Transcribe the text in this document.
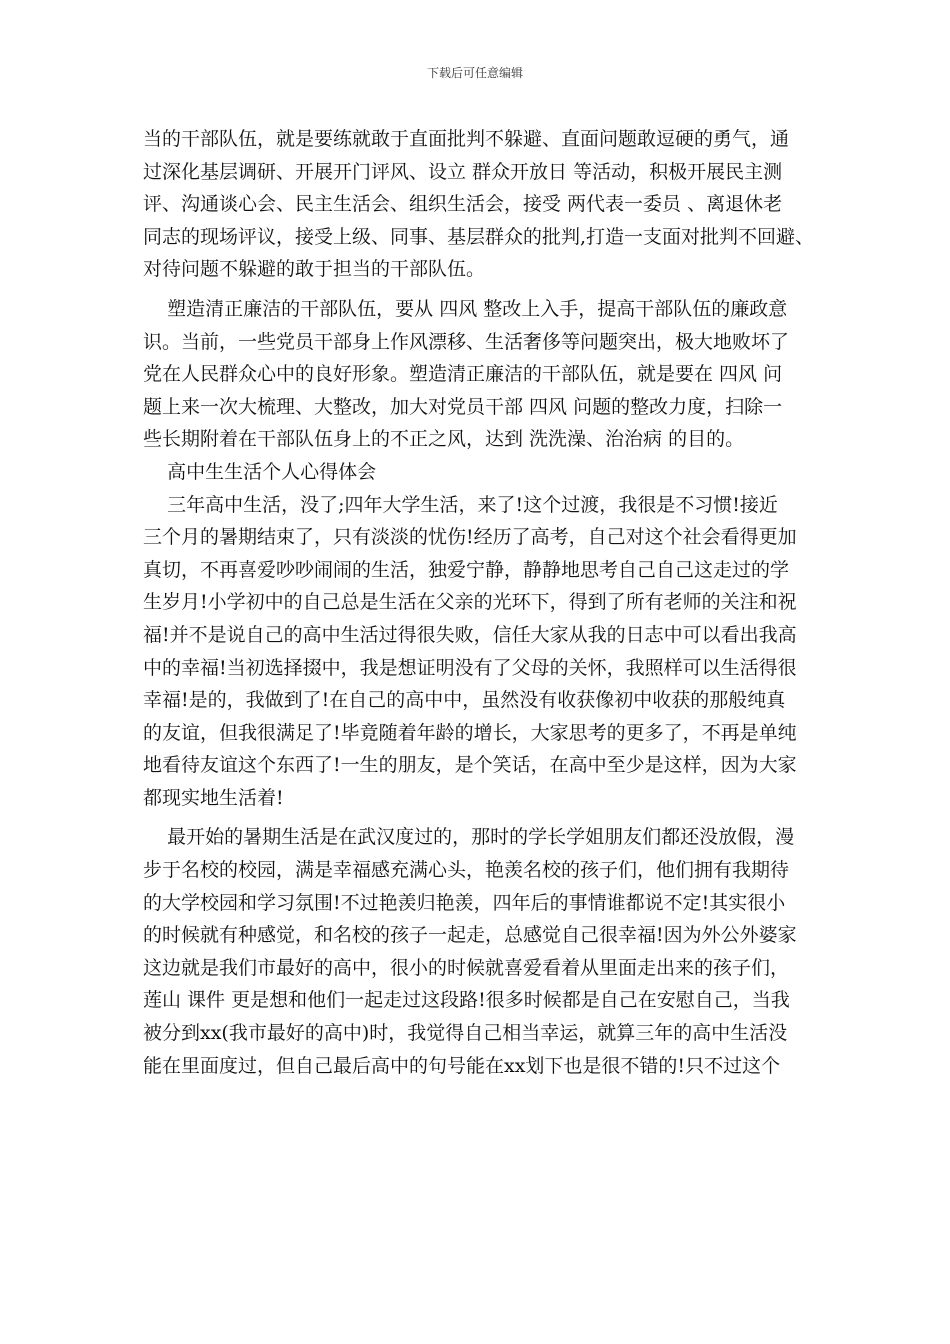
下载后可任意编辑
当的干部队伍，就是要练就敢于直面批判不躲避、直面问题敢逗硬的勇气，通
过深化基层调研、开展开门评风、设立 群众开放日 等活动，积极开展民主测
评、沟通谈心会、民主生活会、组织生活会，接受 两代表一委员 、离退休老
同志的现场评议，接受上级、同事、基层群众的批判,打造一支面对批判不回避、
对待问题不躲避的敢于担当的干部队伍。
塑造清正廉洁的干部队伍，要从 四风 整改上入手，提高干部队伍的廉政意
识。当前，一些党员干部身上作风漂移、生活奢侈等问题突出，极大地败坏了
党在人民群众心中的良好形象。塑造清正廉洁的干部队伍，就是要在 四风 问
题上来一次大梳理、大整改，加大对党员干部 四风 问题的整改力度，扫除一
些长期附着在干部队伍身上的不正之风，达到 洗洗澡、治治病 的目的。
高中生生活个人心得体会
三年高中生活，没了;四年大学生活，来了!这个过渡，我很是不习惯!接近
三个月的暑期结束了，只有淡淡的忧伤!经历了高考，自己对这个社会看得更加
真切，不再喜爱吵吵闹闹的生活，独爱宁静，静静地思考自己自己这走过的学
生岁月!小学初中的自己总是生活在父亲的光环下，得到了所有老师的关注和祝
福!并不是说自己的高中生活过得很失败，信任大家从我的日志中可以看出我高
中的幸福!当初选择掇中，我是想证明没有了父母的关怀，我照样可以生活得很
幸福!是的，我做到了!在自己的高中中，虽然没有收获像初中收获的那般纯真
的友谊，但我很满足了!毕竟随着年龄的增长，大家思考的更多了，不再是单纯
地看待友谊这个东西了!一生的朋友，是个笑话，在高中至少是这样，因为大家
都现实地生活着!
最开始的暑期生活是在武汉度过的，那时的学长学姐朋友们都还没放假，漫
步于名校的校园，满是幸福感充满心头，艳羡名校的孩子们，他们拥有我期待
的大学校园和学习氛围!不过艳羡归艳羡，四年后的事情谁都说不定!其实很小
的时候就有种感觉，和名校的孩子一起走，总感觉自己很幸福!因为外公外婆家
这边就是我们市最好的高中，很小的时候就喜爱看着从里面走出来的孩子们，
莲山 课件 更是想和他们一起走过这段路!很多时候都是自己在安慰自己，当我
被分到xx(我市最好的高中)时，我觉得自己相当幸运，就算三年的高中生活没
能在里面度过，但自己最后高中的句号能在xx划下也是很不错的!只不过这个
